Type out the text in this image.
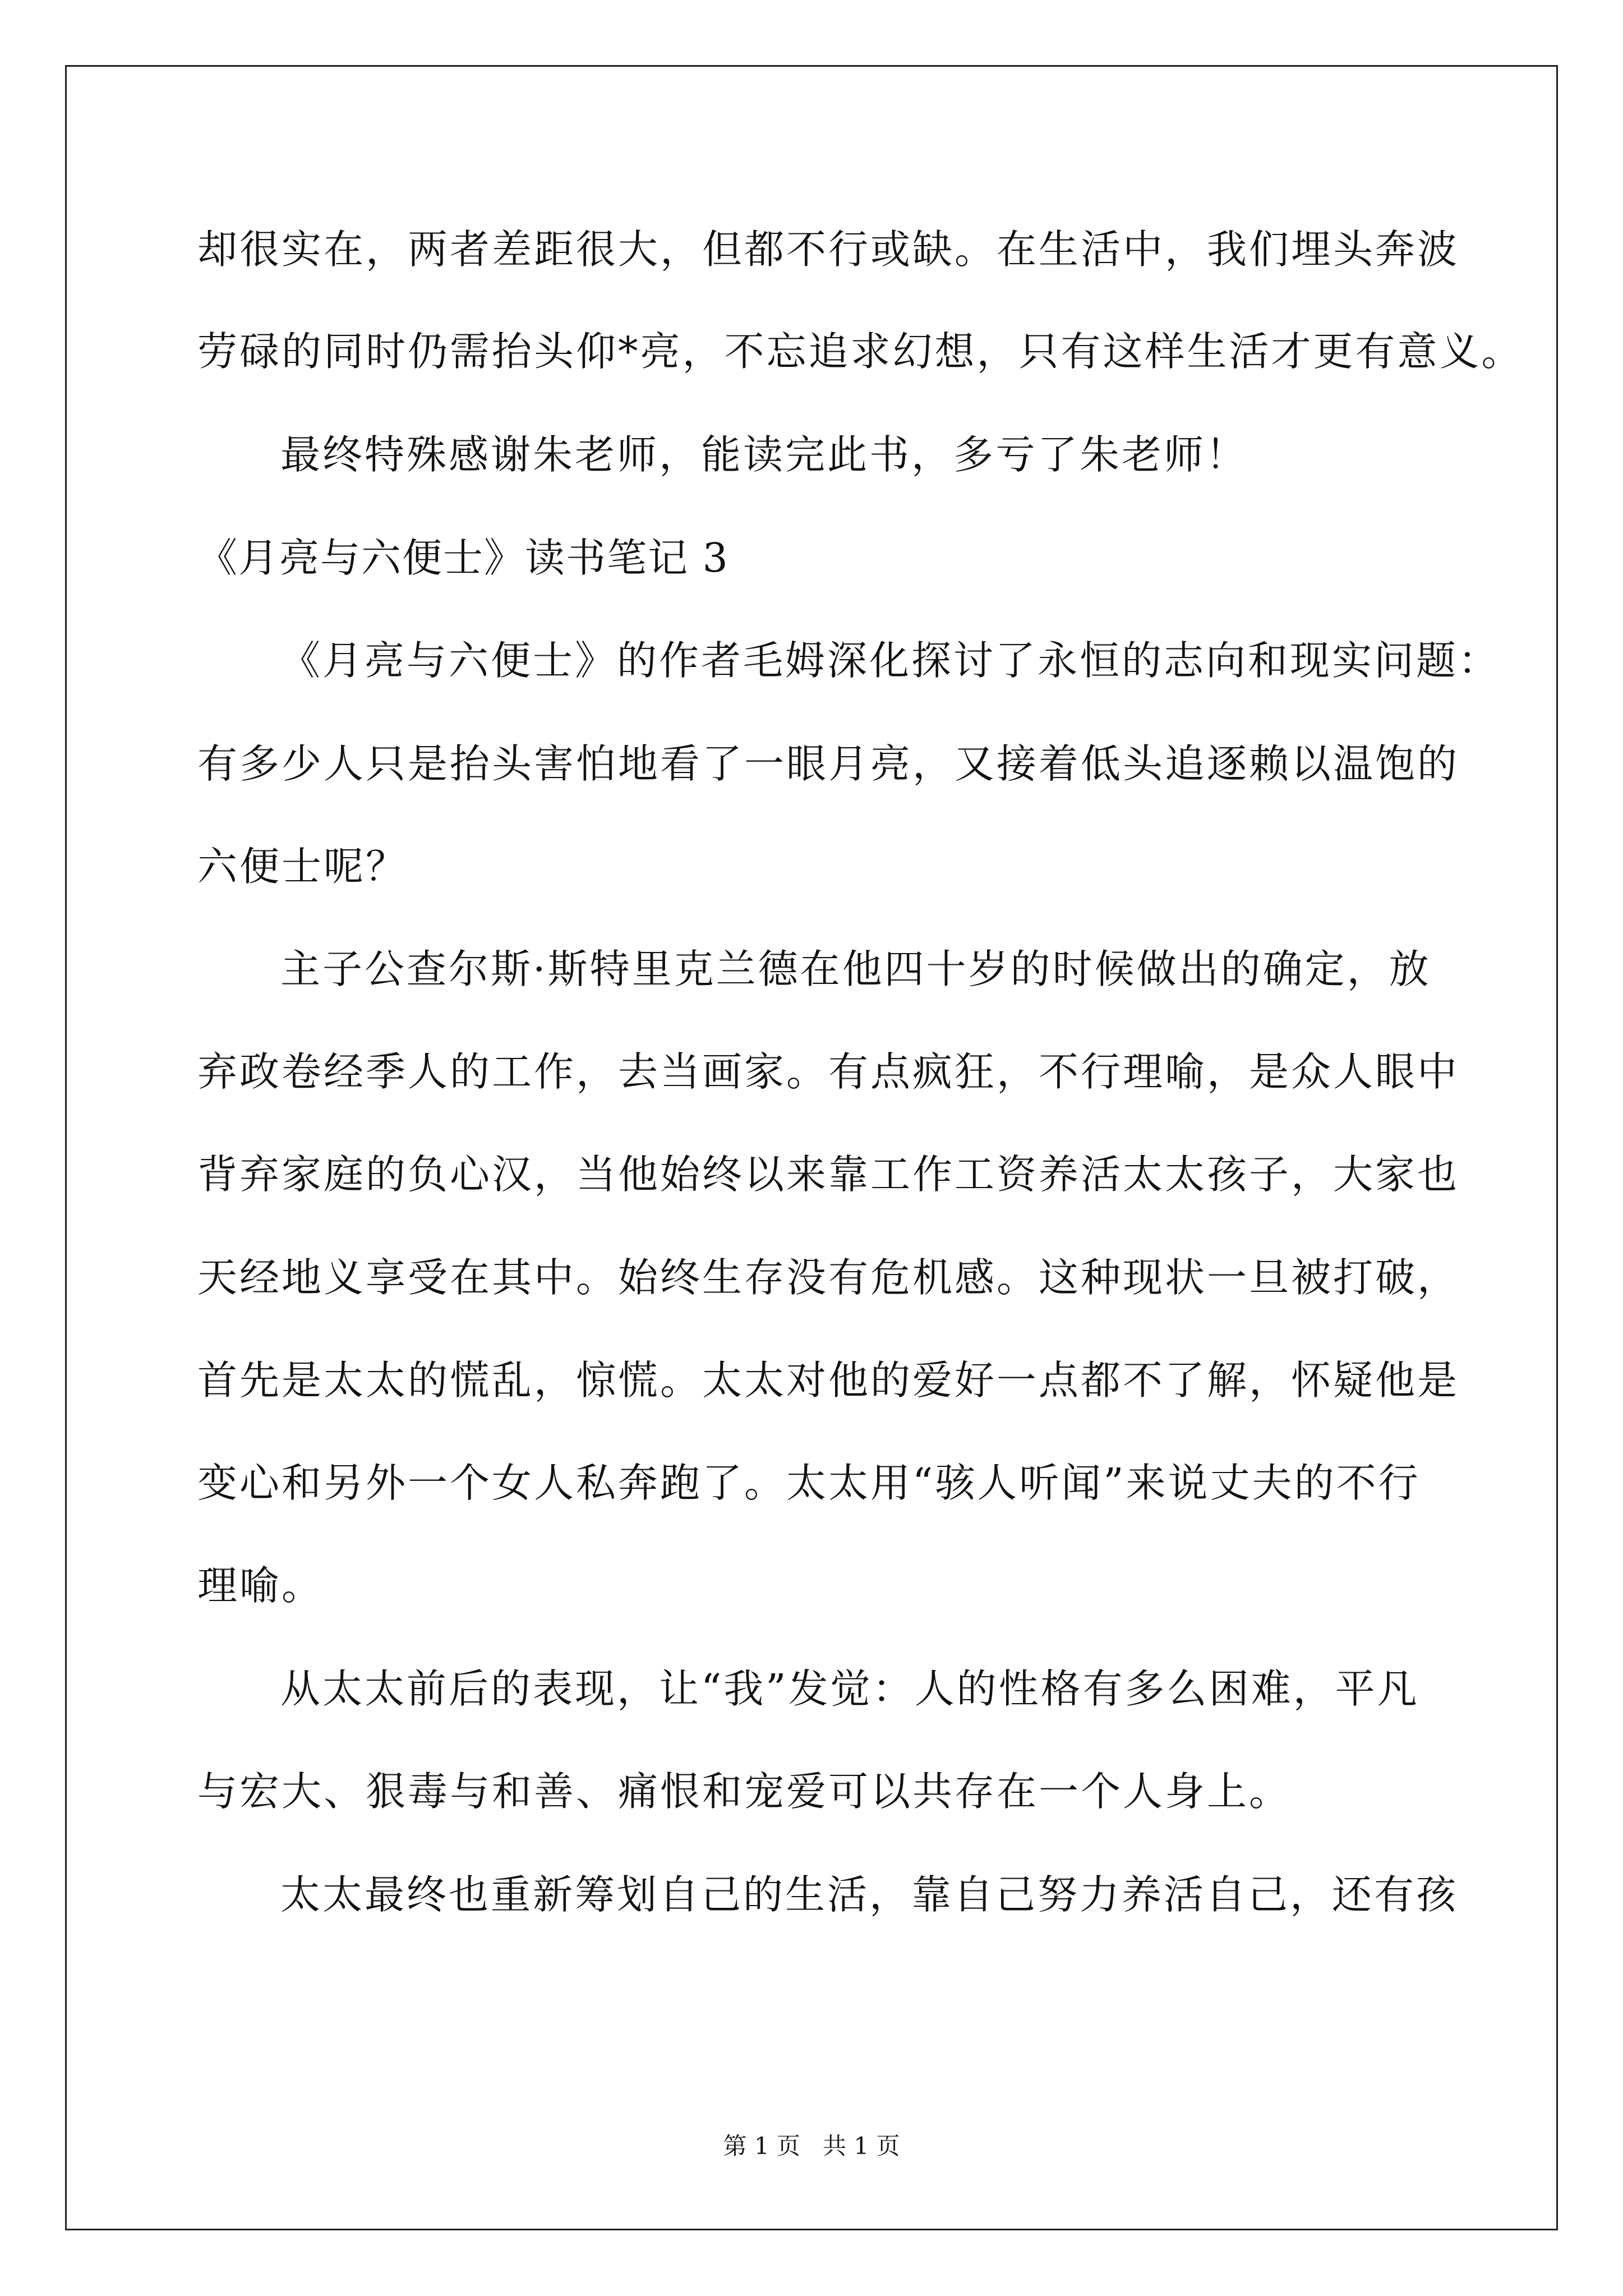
却很实在，两者差距很大，但都不行或缺。在生活中，我们埋头奔波

劳碌的同时仍需抬头仰*亮，不忘追求幻想，只有这样生活才更有意义。

最终特殊感谢朱老师，能读完此书，多亏了朱老师！

《月亮与六便士》读书笔记 3

《月亮与六便士》的作者毛姆深化探讨了永恒的志向和现实问题：

有多少人只是抬头害怕地看了一眼月亮，又接着低头追逐赖以温饱的

六便士呢？

主子公查尔斯·斯特里克兰德在他四十岁的时候做出的确定，放

弃政卷经季人的工作，去当画家。有点疯狂，不行理喻，是众人眼中

背弃家庭的负心汉，当他始终以来靠工作工资养活太太孩子，大家也

天经地义享受在其中。始终生存没有危机感。这种现状一旦被打破，

首先是太太的慌乱，惊慌。太太对他的爱好一点都不了解，怀疑他是

变心和另外一个女人私奔跑了。太太用“骇人听闻”来说丈夫的不行

理喻。

从太太前后的表现，让“我”发觉：人的性格有多么困难，平凡

与宏大、狠毒与和善、痛恨和宠爱可以共存在一个人身上。

太太最终也重新筹划自己的生活，靠自己努力养活自己，还有孩

第 1 页   共 1 页
